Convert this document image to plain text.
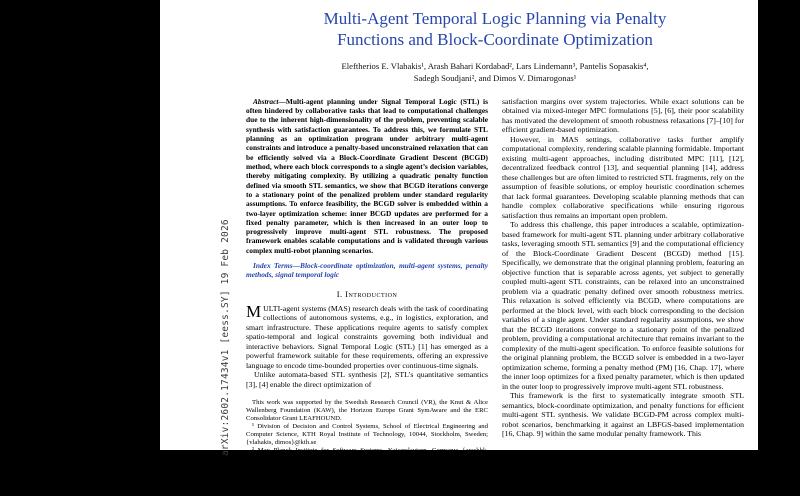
arXiv:2602.17434v1 [eess.SY] 19 Feb 2026
Multi-Agent Temporal Logic Planning via Penalty
Functions and Block-Coordinate Optimization
Eleftherios E. Vlahakis¹, Arash Bahari Kordabad², Lars Lindemann³, Pantelis Sopasakis⁴,
Sadegh Soudjani², and Dimos V. Dimarogonas¹

Abstract—Multi-agent planning under Signal Temporal Logic (STL) is often hindered by collaborative tasks that lead to computational challenges due to the inherent high-dimensionality of the problem, preventing scalable synthesis with satisfaction guarantees. To address this, we formulate STL planning as an optimization program under arbitrary multi-agent constraints and introduce a penalty-based unconstrained relaxation that can be efficiently solved via a Block-Coordinate Gradient Descent (BCGD) method, where each block corresponds to a single agent’s decision variables, thereby mitigating complexity. By utilizing a quadratic penalty function defined via smooth STL semantics, we show that BCGD iterations converge to a stationary point of the penalized problem under standard regularity assumptions. To enforce feasibility, the BCGD solver is embedded within a two-layer optimization scheme: inner BCGD updates are performed for a fixed penalty parameter, which is then increased in an outer loop to progressively improve multi-agent STL robustness. The proposed framework enables scalable computations and is validated through various complex multi-robot planning scenarios.

Index Terms—Block-coordinate optimization, multi-agent systems, penalty methods, signal temporal logic

I. Introduction

MULTI-agent systems (MAS) research deals with the task of coordinating collections of autonomous systems, e.g., in logistics, exploration, and smart infrastructure. These applications require agents to satisfy complex spatio-temporal and logical constraints governing both individual and interactive behaviors. Signal Temporal Logic (STL) [1] has emerged as a powerful framework suitable for these requirements, offering an expressive language to encode time-bounded properties over continuous-time signals.

Unlike automata-based STL synthesis [2], STL’s quantitative semantics [3], [4] enable the direct optimization of

This work was supported by the Swedish Research Council (VR), the Knut & Alice Wallenberg Foundation (KAW), the Horizon Europe Grant SymAware and the ERC Consolidator Grant LEAFHOUND.

¹ Division of Decision and Control Systems, School of Electrical Engineering and Computer Science, KTH Royal Institute of Technology, 10044, Stockholm, Sweden; {vlahakis, dimos}@kth.se

² Max Planck Institute for Software Systems, Kaiserslautern, Germany; {arashbk, sadegh}@mpi-sws.org

³ Automatic Control Laboratory, ETH Zürich, Zürich, 8092, Switzerland; llindemann@ethz.ch

⁴ School of Electronics, Electrical Engineering and Computer Science, Queen’s University Belfast, Northern Ireland, BT9 5BN, UK; p.sopasakis@qub.ac.uk

satisfaction margins over system trajectories. While exact solutions can be obtained via mixed-integer MPC formulations [5], [6], their poor scalability has motivated the development of smooth robustness relaxations [7]–[10] for efficient gradient-based optimization.

However, in MAS settings, collaborative tasks further amplify computational complexity, rendering scalable planning formidable. Important existing multi-agent approaches, including distributed MPC [11], [12], decentralized feedback control [13], and sequential planning [14], address these challenges but are often limited to restricted STL fragments, rely on the assumption of feasible solutions, or employ heuristic coordination schemes that lack formal guarantees. Developing scalable planning methods that can handle complex collaborative specifications while ensuring rigorous satisfaction thus remains an important open problem.

To address this challenge, this paper introduces a scalable, optimization-based framework for multi-agent STL planning under arbitrary collaborative tasks, leveraging smooth STL semantics [9] and the computational efficiency of the Block-Coordinate Gradient Descent (BCGD) method [15]. Specifically, we demonstrate that the original planning problem, featuring an objective function that is separable across agents, yet subject to generally coupled multi-agent STL constraints, can be relaxed into an unconstrained problem via a quadratic penalty defined over smooth robustness metrics. This relaxation is solved efficiently via BCGD, where computations are performed at the block level, with each block corresponding to the decision variables of a single agent. Under standard regularity assumptions, we show that the BCGD iterations converge to a stationary point of the penalized problem, providing a computational architecture that remains invariant to the complexity of the multi-agent specification. To enforce feasible solutions for the original planning problem, the BCGD solver is embedded in a two-layer optimization scheme, forming a penalty method (PM) [16, Chap. 17], where the inner loop optimizes for a fixed penalty parameter, which is then updated in the outer loop to progressively improve multi-agent STL robustness.

This framework is the first to systematically integrate smooth STL semantics, block-coordinate optimization, and penalty functions for efficient multi-agent STL synthesis. We validate BCGD-PM across complex multi-robot scenarios, benchmarking it against an LBFGS-based implementation [16, Chap. 9] within the same modular penalty framework. This
